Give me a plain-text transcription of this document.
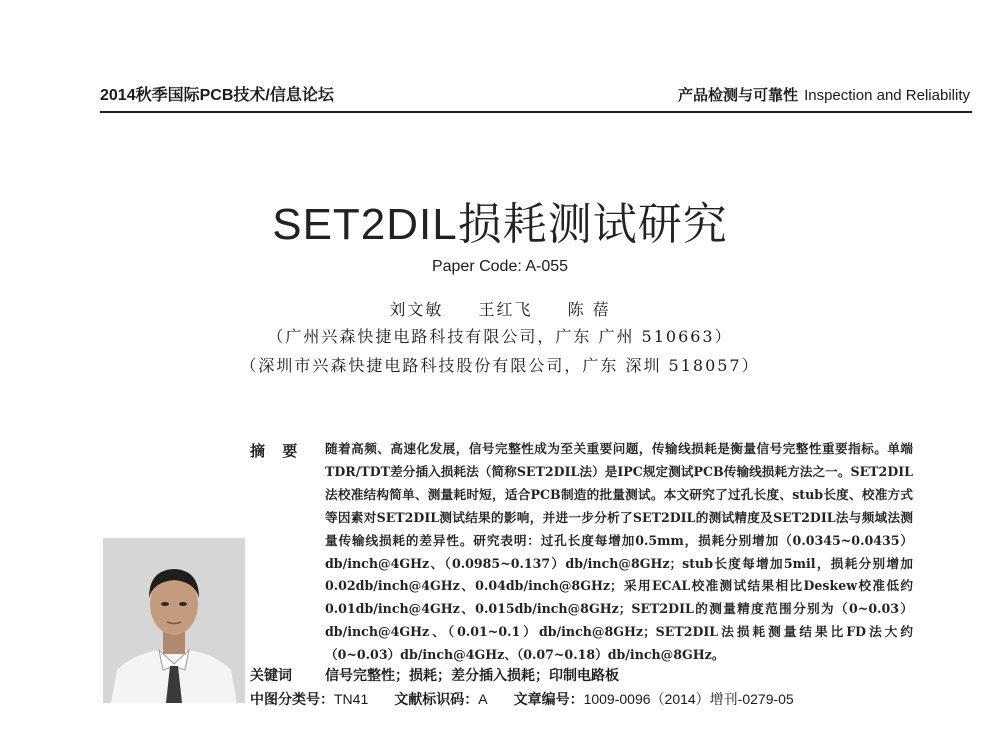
2014秋季国际PCB技术/信息论坛	产品检测与可靠性 Inspection and Reliability
SET2DIL损耗测试研究
Paper Code: A-055
刘文敏 王红飞 陈 蓓
（广州兴森快捷电路科技有限公司，广东 广州 510663）
（深圳市兴森快捷电路科技股份有限公司，广东 深圳 518057）
摘 要 随着高频、高速化发展，信号完整性成为至关重要问题，传输线损耗是衡量信号完整性重要指标。单端TDR/TDT差分插入损耗法（简称SET2DIL法）是IPC规定测试PCB传输线损耗方法之一。SET2DIL法校准结构简单、测量耗时短，适合PCB制造的批量测试。本文研究了过孔长度、stub长度、校准方式等因素对SET2DIL测试结果的影响，并进一步分析了SET2DIL的测试精度及SET2DIL法与频域法测量传输线损耗的差异性。研究表明：过孔长度每增加0.5mm，损耗分别增加（0.0345~0.0435）db/inch@4GHz、（0.0985~0.137）db/inch@8GHz；stub长度每增加5mil，损耗分别增加0.02db/inch@4GHz、0.04db/inch@8GHz；采用ECAL校准测试结果相比Deskew校准低约0.01db/inch@4GHz、0.015db/inch@8GHz；SET2DIL的测量精度范围分别为（0~0.03）db/inch@4GHz、（0.01~0.1）db/inch@8GHz；SET2DIL法损耗测量结果比FD法大约（0~0.03）db/inch@4GHz、（0.07~0.18）db/inch@8GHz。
关键词 信号完整性；损耗；差分插入损耗；印制电路板
中图分类号：TN41 文献标识码：A 文章编号：1009-0096（2014）增刊-0279-05
